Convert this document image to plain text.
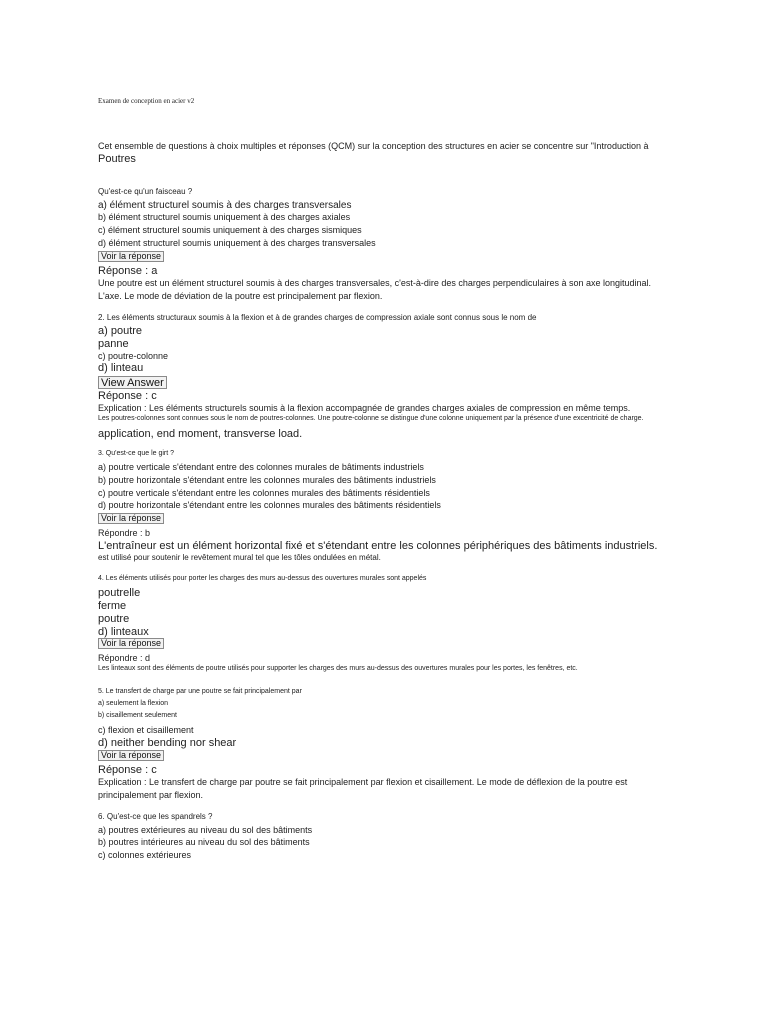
Examen de conception en acier v2
Cet ensemble de questions à choix multiples et réponses (QCM) sur la conception des structures en acier se concentre sur "Introduction à
Poutres
Qu'est-ce qu'un faisceau ?
a) élément structurel soumis à des charges transversales
b) élément structurel soumis uniquement à des charges axiales
c) élément structurel soumis uniquement à des charges sismiques
d) élément structurel soumis uniquement à des charges transversales
Voir la réponse
Réponse : a
Une poutre est un élément structurel soumis à des charges transversales, c'est-à-dire des charges perpendiculaires à son axe longitudinal.
L'axe. Le mode de déviation de la poutre est principalement par flexion.
2. Les éléments structuraux soumis à la flexion et à de grandes charges de compression axiale sont connus sous le nom de
a) poutre
panne
c) poutre-colonne
d) linteau
View Answer
Réponse : c
Explication : Les éléments structurels soumis à la flexion accompagnée de grandes charges axiales de compression en même temps.
Les poutres-colonnes sont connues sous le nom de poutres-colonnes. Une poutre-colonne se distingue d'une colonne uniquement par la présence d'une excentricité de charge.
application, end moment, transverse load.
3. Qu'est-ce que le girt ?
a) poutre verticale s'étendant entre des colonnes murales de bâtiments industriels
b) poutre horizontale s'étendant entre les colonnes murales des bâtiments industriels
c) poutre verticale s'étendant entre les colonnes murales des bâtiments résidentiels
d) poutre horizontale s'étendant entre les colonnes murales des bâtiments résidentiels
Voir la réponse
Répondre : b
L'entraîneur est un élément horizontal fixé et s'étendant entre les colonnes périphériques des bâtiments industriels.
est utilisé pour soutenir le revêtement mural tel que les tôles ondulées en métal.
4. Les éléments utilisés pour porter les charges des murs au-dessus des ouvertures murales sont appelés
poutrelle
ferme
poutre
d) linteaux
Voir la réponse
Répondre : d
Les linteaux sont des éléments de poutre utilisés pour supporter les charges des murs au-dessus des ouvertures murales pour les portes, les fenêtres, etc.
5. Le transfert de charge par une poutre se fait principalement par
a) seulement la flexion
b) cisaillement seulement
c) flexion et cisaillement
d) neither bending nor shear
Voir la réponse
Réponse : c
Explication : Le transfert de charge par poutre se fait principalement par flexion et cisaillement. Le mode de déflexion de la poutre est
principalement par flexion.
6. Qu'est-ce que les spandrels ?
a) poutres extérieures au niveau du sol des bâtiments
b) poutres intérieures au niveau du sol des bâtiments
c) colonnes extérieures
